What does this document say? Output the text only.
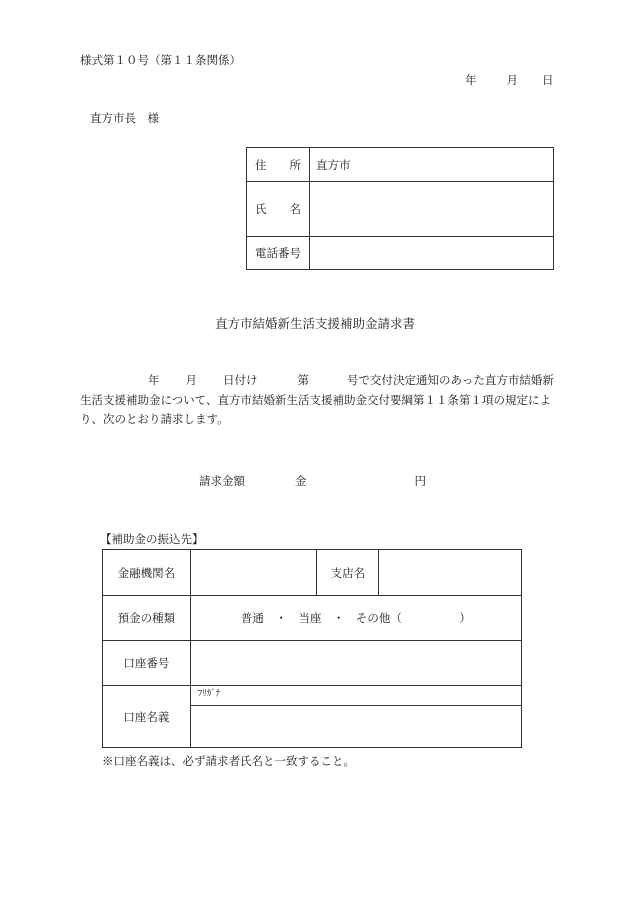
様式第１０号（第１１条関係）
年	月 日
直方市長　様
住　　所	直方市
氏　　名	
電話番号	
直方市結婚新生活支援補助金請求書
年 月 日付け	第	号で交付決定通知のあった直方市結婚新生活支援補助金について、直方市結婚新生活支援補助金交付要綱第１１条第１項の規定により、次のとおり請求します。
請求金額	金	円
【補助金の振込先】
金融機関名		支店名	
預金の種類	普通　・　当座　・　その他（　　　　　）		
口座番号			
口座名義	ﾌﾘｶﾞﾅ		

※口座名義は、必ず請求者氏名と一致すること。
